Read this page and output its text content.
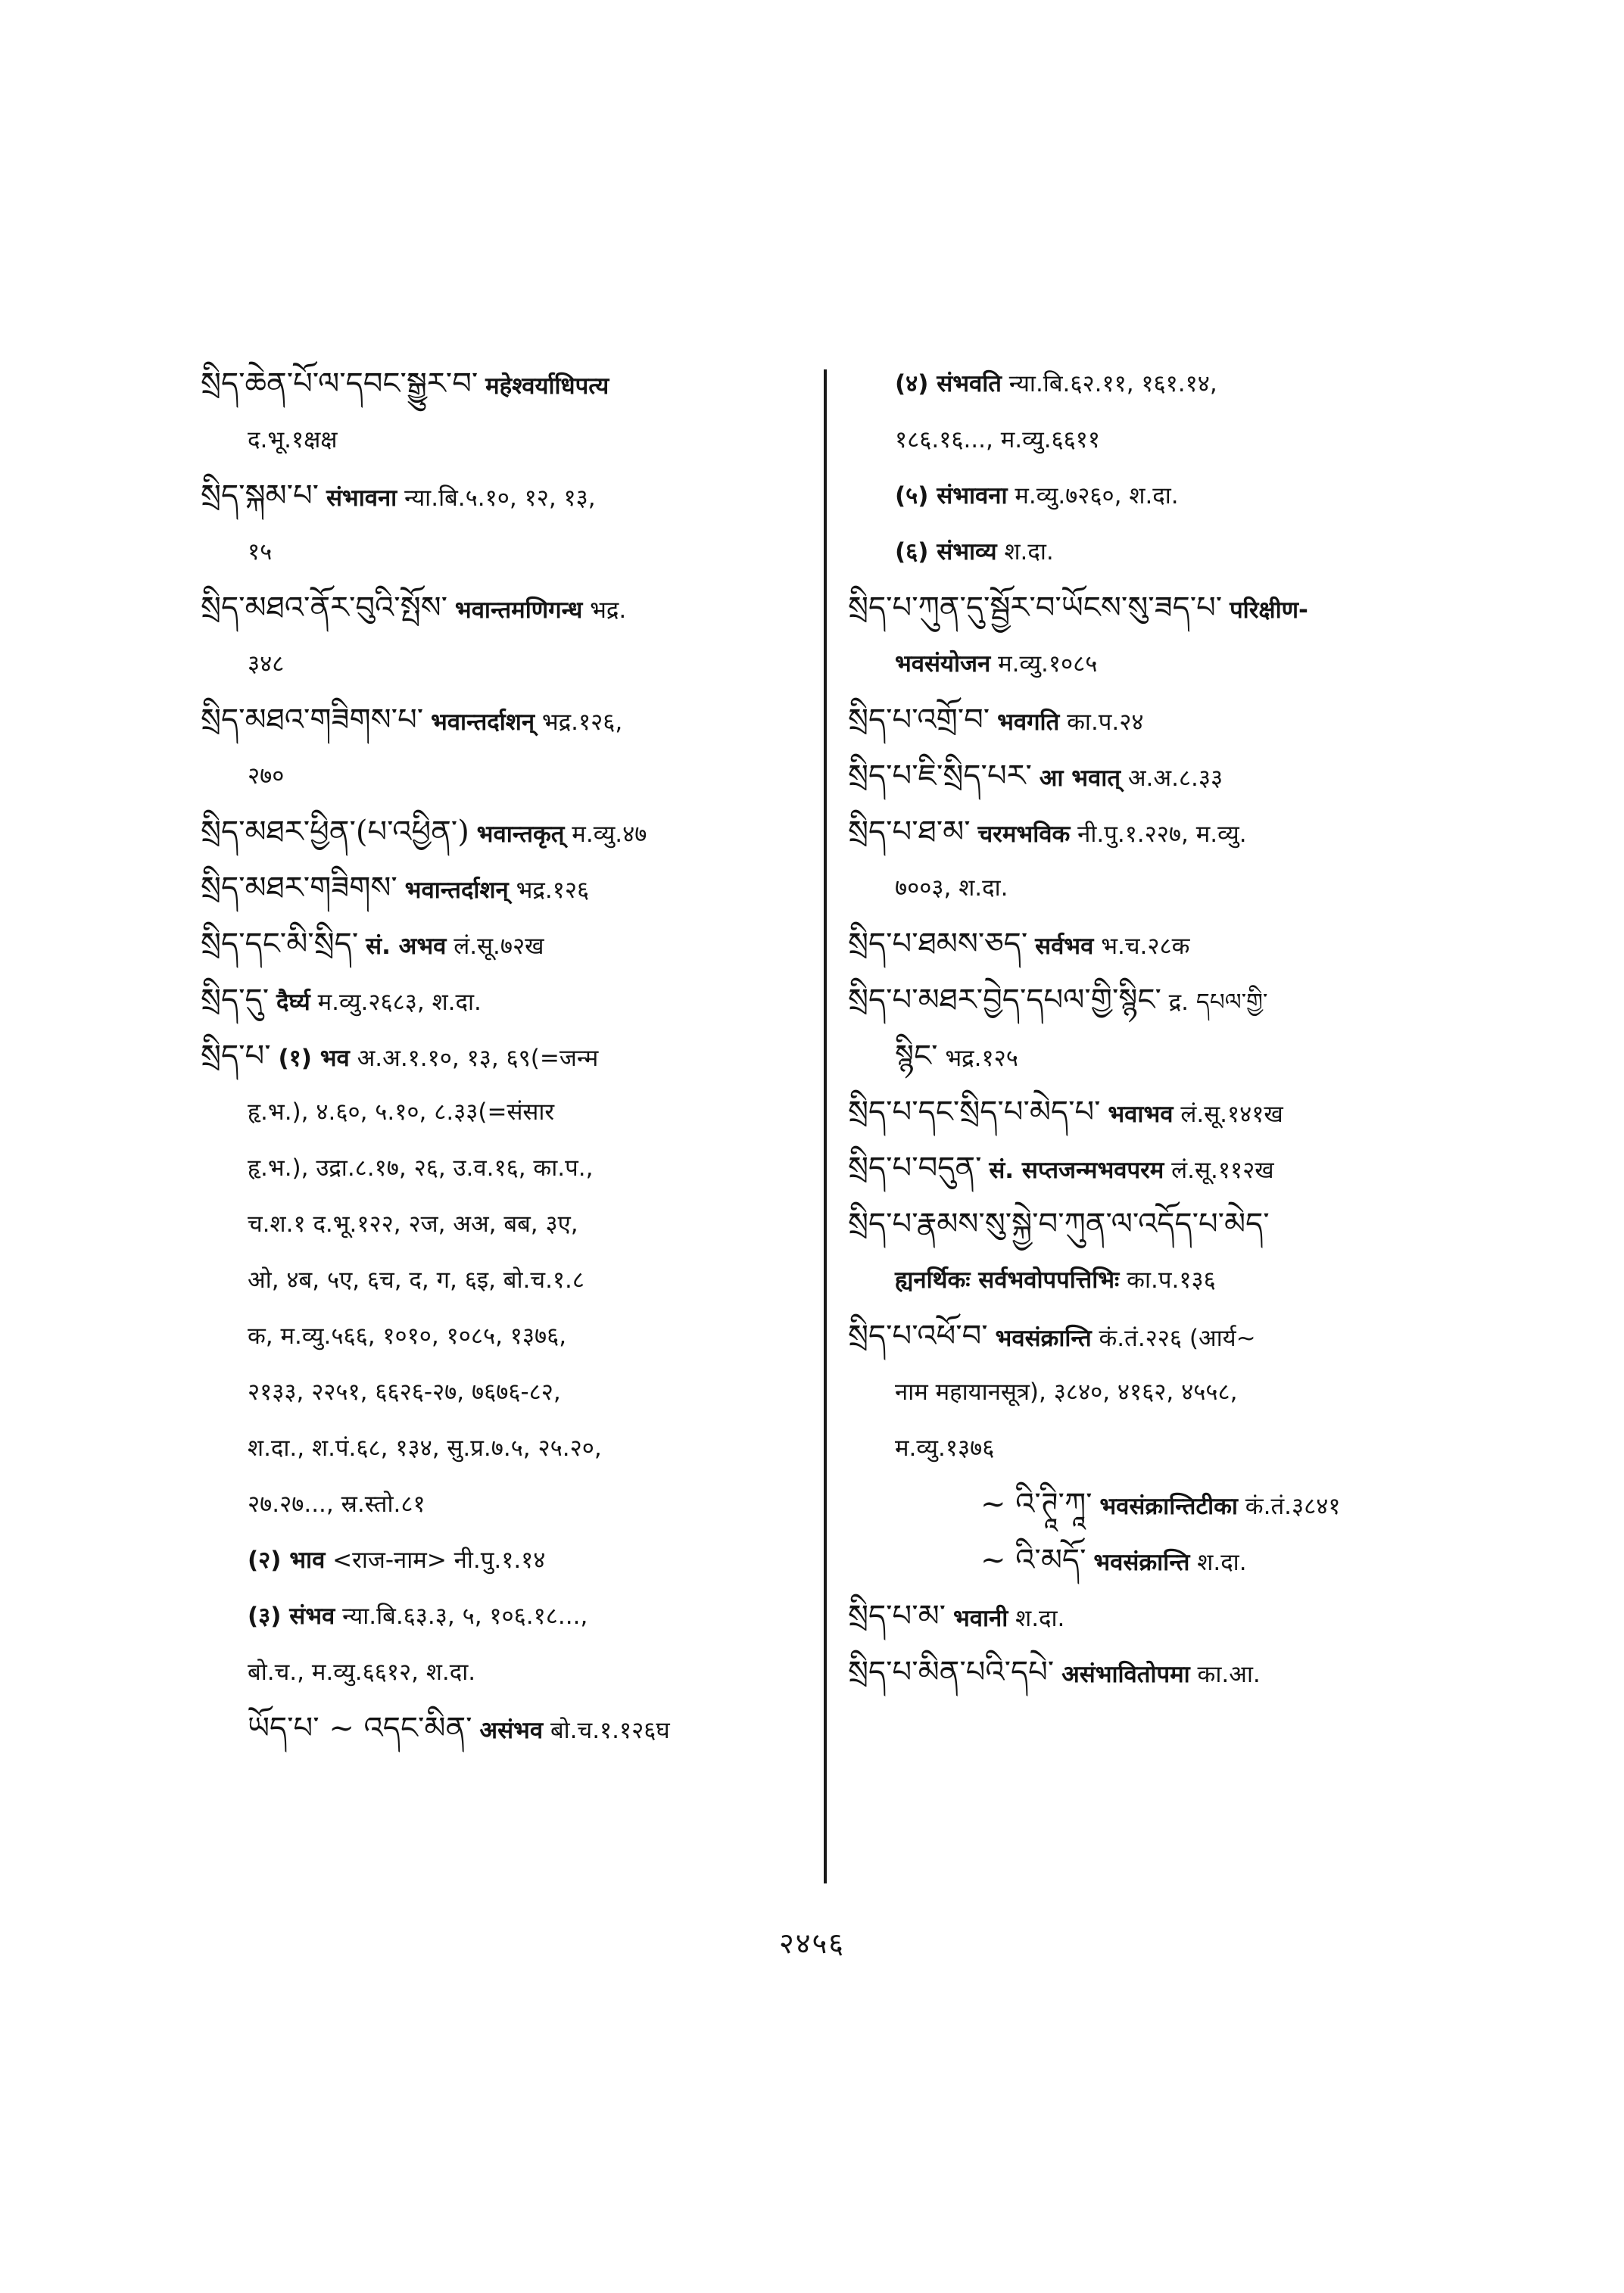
སྲིད་ཆེན་པོ་ལ་དབང་སྒྱུར་བ་ महेश्वर्याधिपत्य
द.भू.१क्षक्ष
སྲིད་སྐམ་པ་ संभावना न्या.बि.५.१०, १२, १३,
१५
སྲིད་མཐའ་ནོར་བུའི་སྤོས་ भवान्तमणिगन्ध भद्र.
३४८
སྲིད་མཐའ་གཟིགས་པ་ भवान्तर्दाशन् भद्र.१२६,
२७०
སྲིད་མཐར་ཕྱིན་(པ་འཕྱིན་) भवान्तकृत् म.व्यु.४७
སྲིད་མཐར་གཟིགས་ भवान्तर्दाशन् भद्र.१२६
སྲིད་དང་མི་སྲིད་ सं. अभव लं.सू.७२ख
སྲིད་དུ་ दैर्घ्य म.व्यु.२६८३, श.दा.
སྲིད་པ་ (१) भव अ.अ.१.१०, १३, ६९(=जन्म
हृ.भ.), ४.६०, ५.१०, ८.३३(=संसार
हृ.भ.), उद्रा.८.१७, २६, उ.व.१६, का.प.,
च.श.१ द.भू.१२२, २ज, अअ, बब, ३ए,
ओ, ४ब, ५ए, ६च, द, ग, ६इ, बो.च.१.८
क, म.व्यु.५६६, १०१०, १०८५, १३७६,
२१३३, २२५१, ६६२६-२७, ७६७६-८२,
श.दा., श.पं.६८, १३४, सु.प्र.७.५, २५.२०,
२७.२७..., स्र.स्तो.८१
(२) भाव <राज-नाम> नी.पु.१.१४
(३) संभव न्या.बि.६३.३, ५, १०६.१८...,
बो.च., म.व्यु.६६१२, श.दा.
ཡོད་པ་ ~ འདང་མིན་ असंभव बो.च.१.१२६घ
(४) संभवति न्या.बि.६२.११, १६१.१४,
१८६.१६..., म.व्यु.६६११
(५) संभावना म.व्यु.७२६०, श.दा.
(६) संभाव्य श.दा.
སྲིད་པ་ཀུན་དུ་སྦྱོར་བ་ཡོངས་སུ་ཟད་པ་ परिक्षीण-
भवसंयोजन म.व्यु.१०८५
སྲིད་པ་འགྲོ་བ་ भवगति का.प.२४
སྲིད་པ་ཇི་སྲིད་པར་ आ भवात् अ.अ.८.३३
སྲིད་པ་ཐ་མ་ चरमभविक नी.पु.१.२२७, म.व्यु.
७००३, श.दा.
སྲིད་པ་ཐམས་ཅད་ सर्वभव भ.च.२८क
སྲིད་པ་མཐར་བྱེད་དཔལ་གྱི་སྙིང་ द्र. དཔལ་གྱི་
སྙིང་ भद्र.१२५
སྲིད་པ་དང་སྲིད་པ་མེད་པ་ भवाभव लं.सू.१४१ख
སྲིད་པ་བདུན་ सं. सप्तजन्मभवपरम लं.सू.११२ख
སྲིད་པ་རྣམས་སུ་སྐྱེ་བ་ཀུན་ལ་འདོད་པ་མེད་
ह्यनर्थिकः सर्वभवोपपत्तिभिः का.प.१३६
སྲིད་པ་འཕོ་བ་ भवसंक्रान्ति कं.तं.२२६ (आर्य~
नाम महायानसूत्र), ३८४०, ४१६२, ४५५८,
म.व्यु.१३७६
~ འི་ཊཱི་ཀཱ་ भवसंक्रान्तिटीका कं.तं.३८४१
~ འི་མདོ་ भवसंक्रान्ति श.दा.
སྲིད་པ་མ་ भवानी श.दा.
སྲིད་པ་མིན་པའི་དཔེ་ असंभावितोपमा का.आ.
२४५६
